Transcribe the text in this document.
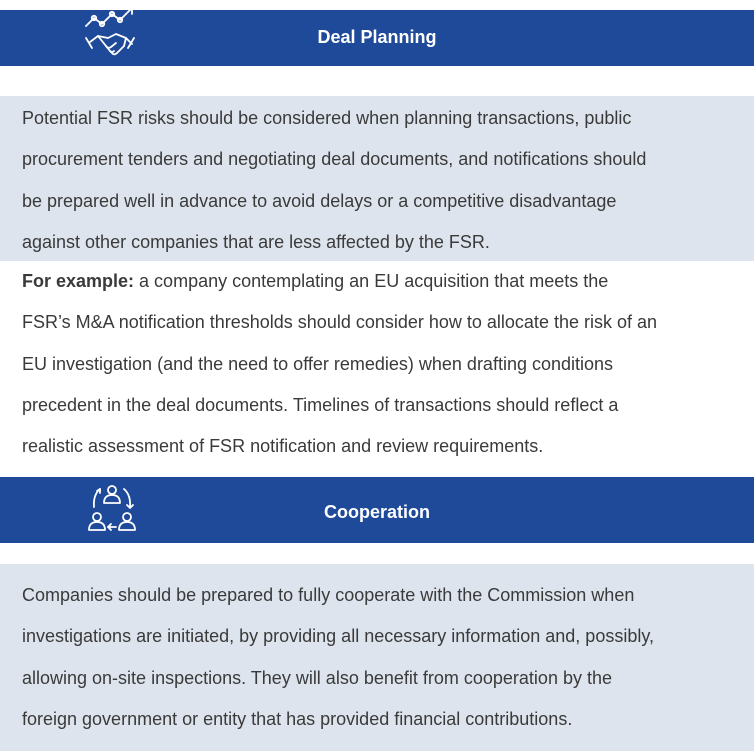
Deal Planning

Potential FSR risks should be considered when planning transactions, public
procurement tenders and negotiating deal documents, and notifications should
be prepared well in advance to avoid delays or a competitive disadvantage
against other companies that are less affected by the FSR.

For example: a company contemplating an EU acquisition that meets the
FSR’s M&A notification thresholds should consider how to allocate the risk of an
EU investigation (and the need to offer remedies) when drafting conditions
precedent in the deal documents. Timelines of transactions should reflect a
realistic assessment of FSR notification and review requirements.

Cooperation

Companies should be prepared to fully cooperate with the Commission when
investigations are initiated, by providing all necessary information and, possibly,
allowing on-site inspections. They will also benefit from cooperation by the
foreign government or entity that has provided financial contributions.
